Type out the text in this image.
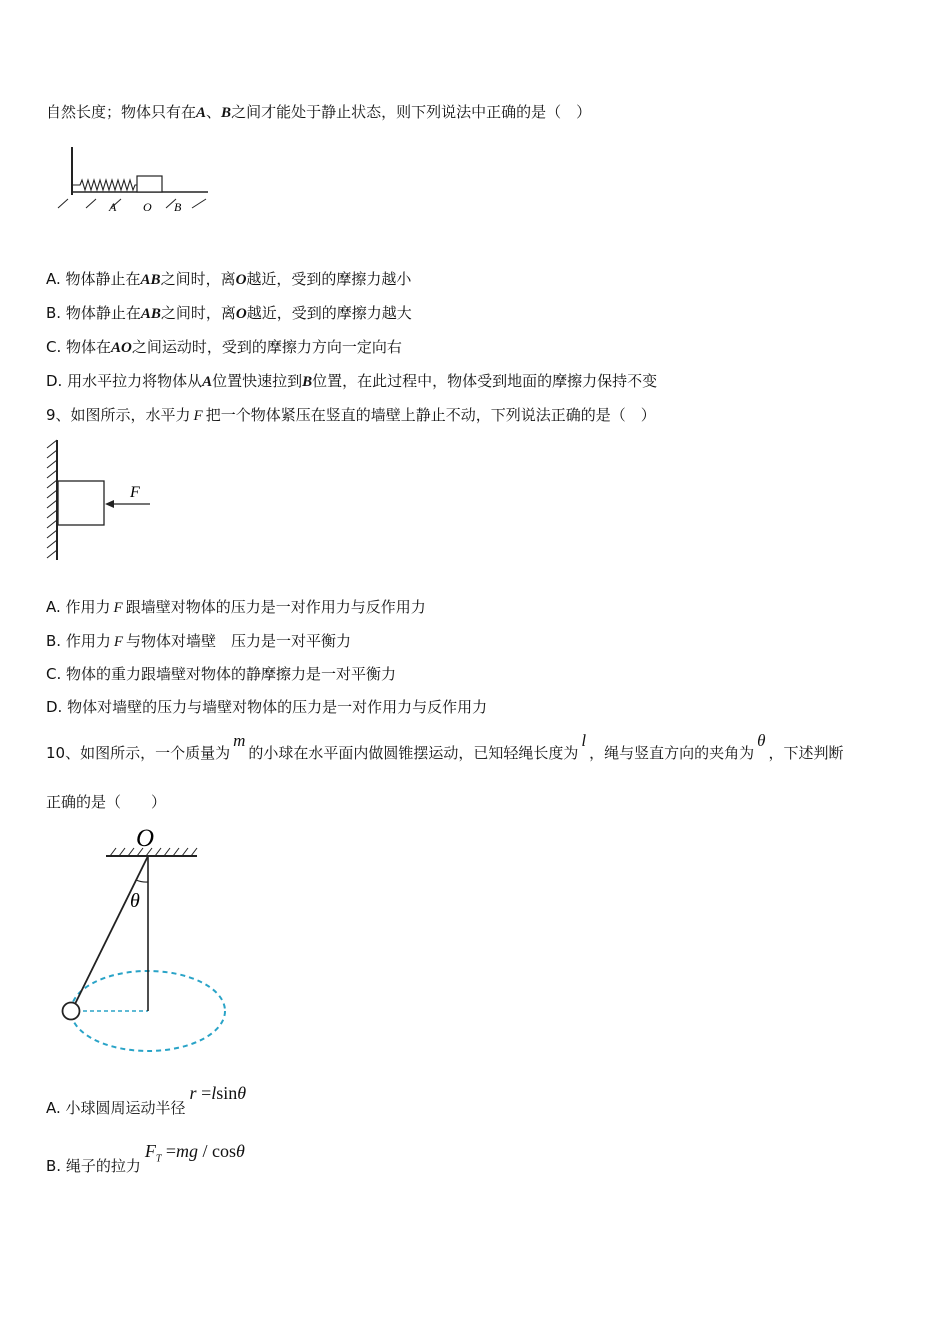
自然长度；物体只有在A、B之间才能处于静止状态，则下列说法中正确的是（　）
A O B
A. 物体静止在AB之间时，离O越近，受到的摩擦力越小
B. 物体静止在AB之间时，离O越近，受到的摩擦力越大
C. 物体在AO之间运动时，受到的摩擦力方向一定向右
D. 用水平拉力将物体从A位置快速拉到B位置，在此过程中，物体受到地面的摩擦力保持不变
9、如图所示，水平力 F 把一个物体紧压在竖直的墙壁上静止不动，下列说法正确的是（　）
F
A. 作用力 F 跟墙壁对物体的压力是一对作用力与反作用力
B. 作用力 F 与物体对墙壁　压力是一对平衡力
C. 物体的重力跟墙壁对物体的静摩擦力是一对平衡力
D. 物体对墙壁的压力与墙壁对物体的压力是一对作用力与反作用力
10、如图所示，一个质量为m的小球在水平面内做圆锥摆运动，已知轻绳长度为l，绳与竖直方向的夹角为θ，下述判断
正确的是（　　）
O
θ
A. 小球圆周运动半径r =lsinθ
B. 绳子的拉力$F_T =mg / \cos\theta$
